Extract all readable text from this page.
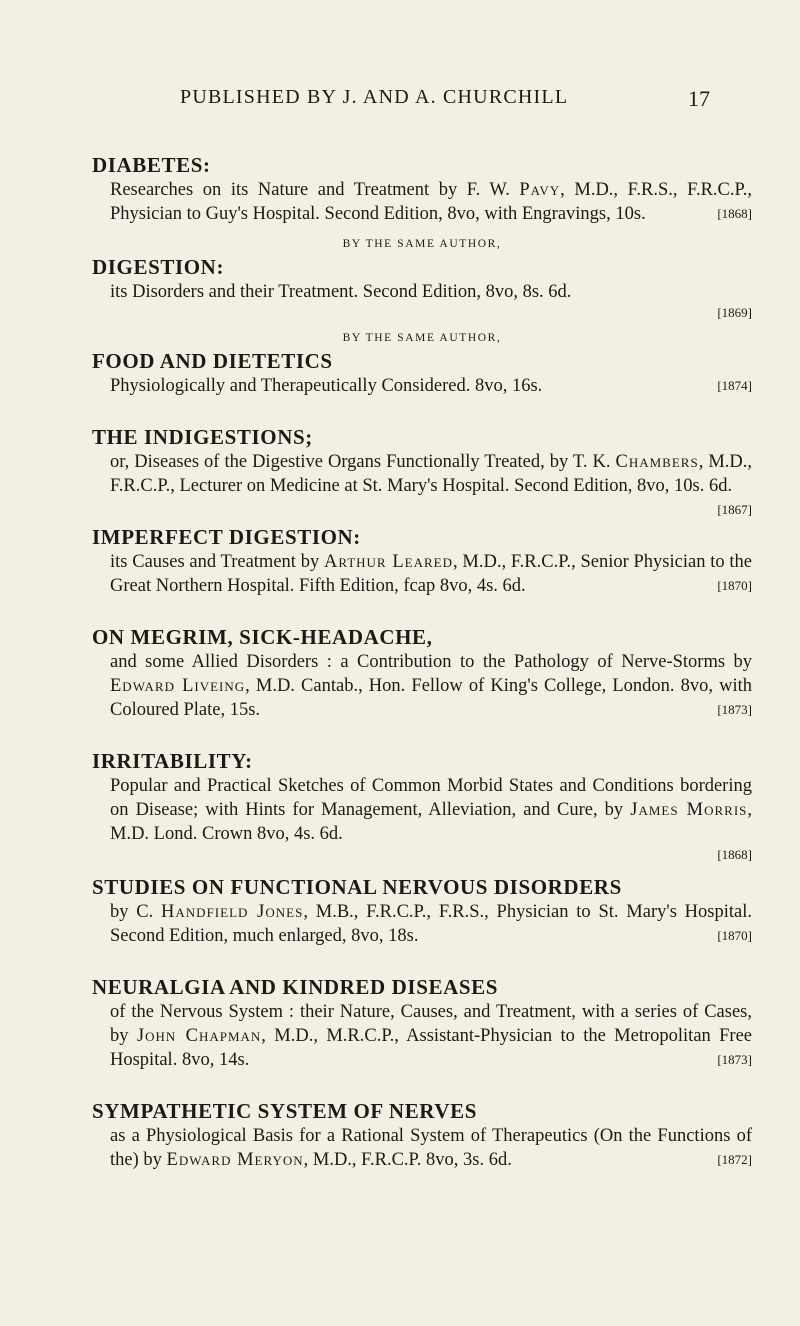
PUBLISHED BY J. AND A. CHURCHILL	17
DIABETES:
Researches on its Nature and Treatment by F. W. Pavy, M.D., F.R.S., F.R.C.P., Physician to Guy's Hospital. Second Edition, 8vo, with Engravings, 10s.	[1868]
BY THE SAME AUTHOR,
DIGESTION:
its Disorders and their Treatment. Second Edition, 8vo, 8s. 6d.
[1869]
BY THE SAME AUTHOR,
FOOD AND DIETETICS
Physiologically and Therapeutically Considered. 8vo, 16s.	[1874]
THE INDIGESTIONS;
or, Diseases of the Digestive Organs Functionally Treated, by T. K. Chambers, M.D., F.R.C.P., Lecturer on Medicine at St. Mary's Hospital. Second Edition, 8vo, 10s. 6d.
[1867]
IMPERFECT DIGESTION:
its Causes and Treatment by Arthur Leared, M.D., F.R.C.P., Senior Physician to the Great Northern Hospital. Fifth Edition, fcap 8vo, 4s. 6d.	[1870]
ON MEGRIM, SICK-HEADACHE,
and some Allied Disorders : a Contribution to the Pathology of Nerve-Storms by Edward Liveing, M.D. Cantab., Hon. Fellow of King's College, London. 8vo, with Coloured Plate, 15s.	[1873]
IRRITABILITY:
Popular and Practical Sketches of Common Morbid States and Conditions bordering on Disease; with Hints for Management, Alleviation, and Cure, by James Morris, M.D. Lond. Crown 8vo, 4s. 6d.
[1868]
STUDIES ON FUNCTIONAL NERVOUS DISORDERS
by C. Handfield Jones, M.B., F.R.C.P., F.R.S., Physician to St. Mary's Hospital. Second Edition, much enlarged, 8vo, 18s.	[1870]
NEURALGIA AND KINDRED DISEASES
of the Nervous System : their Nature, Causes, and Treatment, with a series of Cases, by John Chapman, M.D., M.R.C.P., Assistant-Physician to the Metropolitan Free Hospital. 8vo, 14s.	[1873]
SYMPATHETIC SYSTEM OF NERVES
as a Physiological Basis for a Rational System of Therapeutics (On the Functions of the) by Edward Meryon, M.D., F.R.C.P. 8vo, 3s. 6d.	[1872]
